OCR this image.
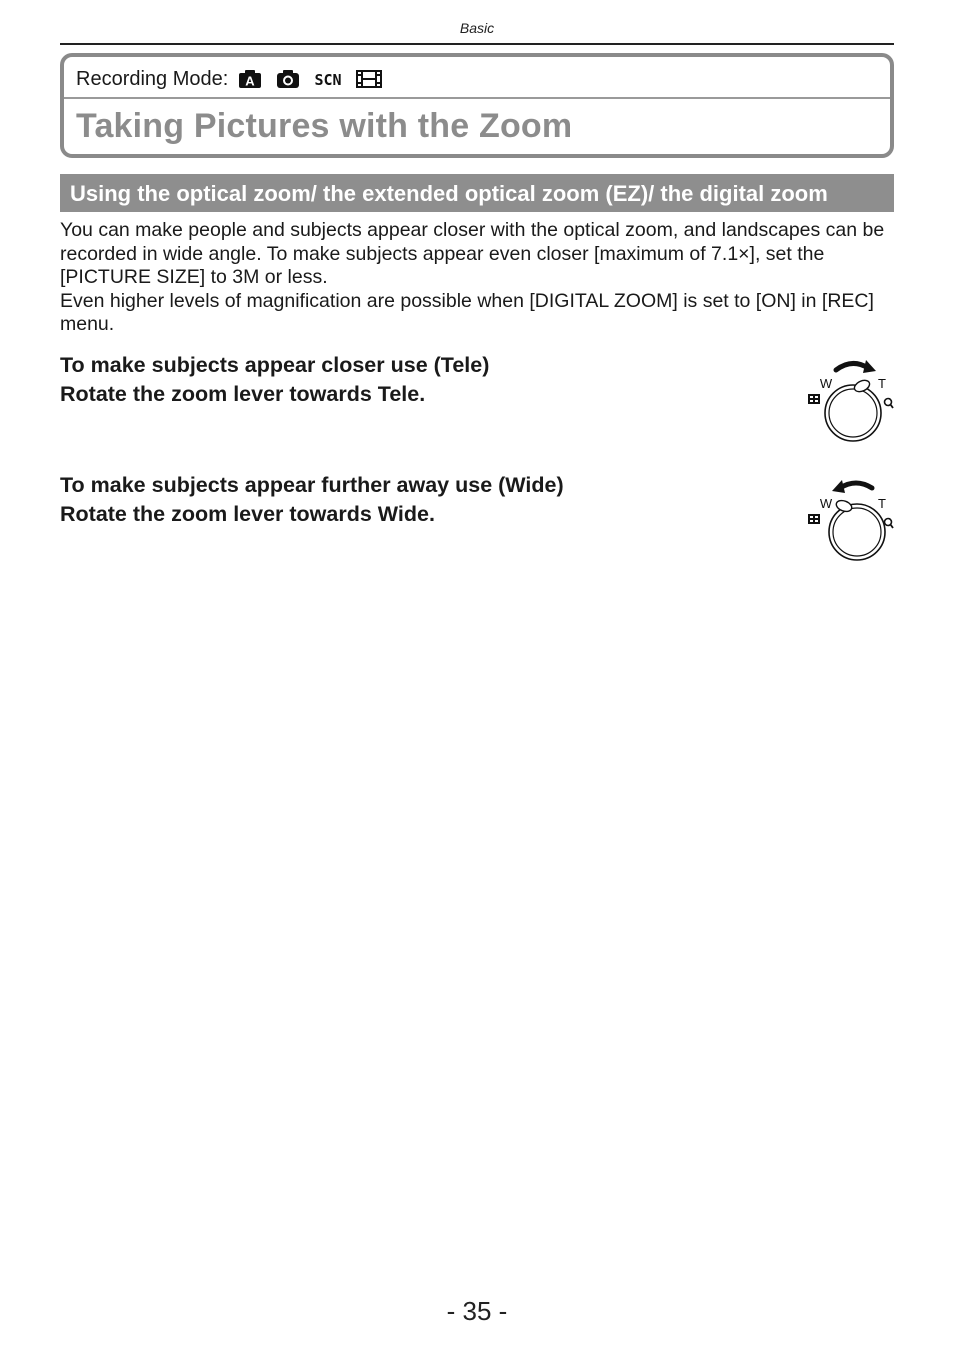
Basic
Recording Mode: A	SCN
Taking Pictures with the Zoom
Using the optical zoom/ the extended optical zoom (EZ)/ the digital zoom

You can make people and subjects appear closer with the optical zoom, and landscapes can be recorded in wide angle. To make subjects appear even closer [maximum of 7.1×], set the [PICTURE SIZE] to 3M or less.

Even higher levels of magnification are possible when [DIGITAL ZOOM] is set to [ON] in [REC] menu.

To make subjects appear closer use (Tele)
Rotate the zoom lever towards Tele.	W	T
To make subjects appear further away use (Wide)
Rotate the zoom lever towards Wide.	W	T
- 35 -
